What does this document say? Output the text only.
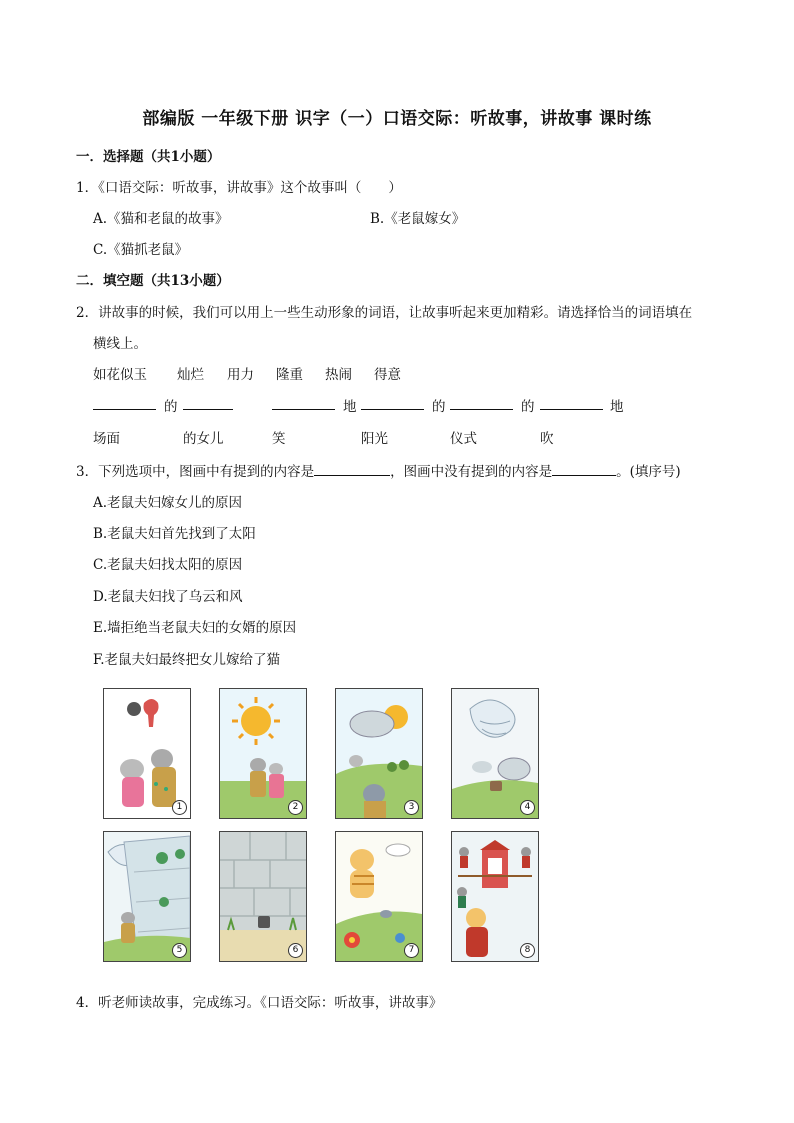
部编版 一年级下册 识字（一）口语交际：听故事，讲故事 课时练
一．选择题（共1小题）
1．《口语交际：听故事，讲故事》这个故事叫（　　）
A.《猫和老鼠的故事》	B.《老鼠嫁女》
C.《猫抓老鼠》
二．填空题（共13小题）
2．讲故事的时候，我们可以用上一些生动形象的词语，让故事听起来更加精彩。请选择恰当的词语填在
横线上。
如花似玉 灿烂 用力 隆重 热闹 得意
的	地	的	的	地
场面	的女儿	笑	阳光	仪式	吹
3．下列选项中，图画中有提到的内容是	，图画中没有提到的内容是	。(填序号)
A.老鼠夫妇嫁女儿的原因
B.老鼠夫妇首先找到了太阳
C.老鼠夫妇找太阳的原因
D.老鼠夫妇找了乌云和风
E.墙拒绝当老鼠夫妇的女婿的原因
F.老鼠夫妇最终把女儿嫁给了猫
1	2	3	4
5	6	7	8
4．听老师读故事，完成练习。《口语交际：听故事，讲故事》
